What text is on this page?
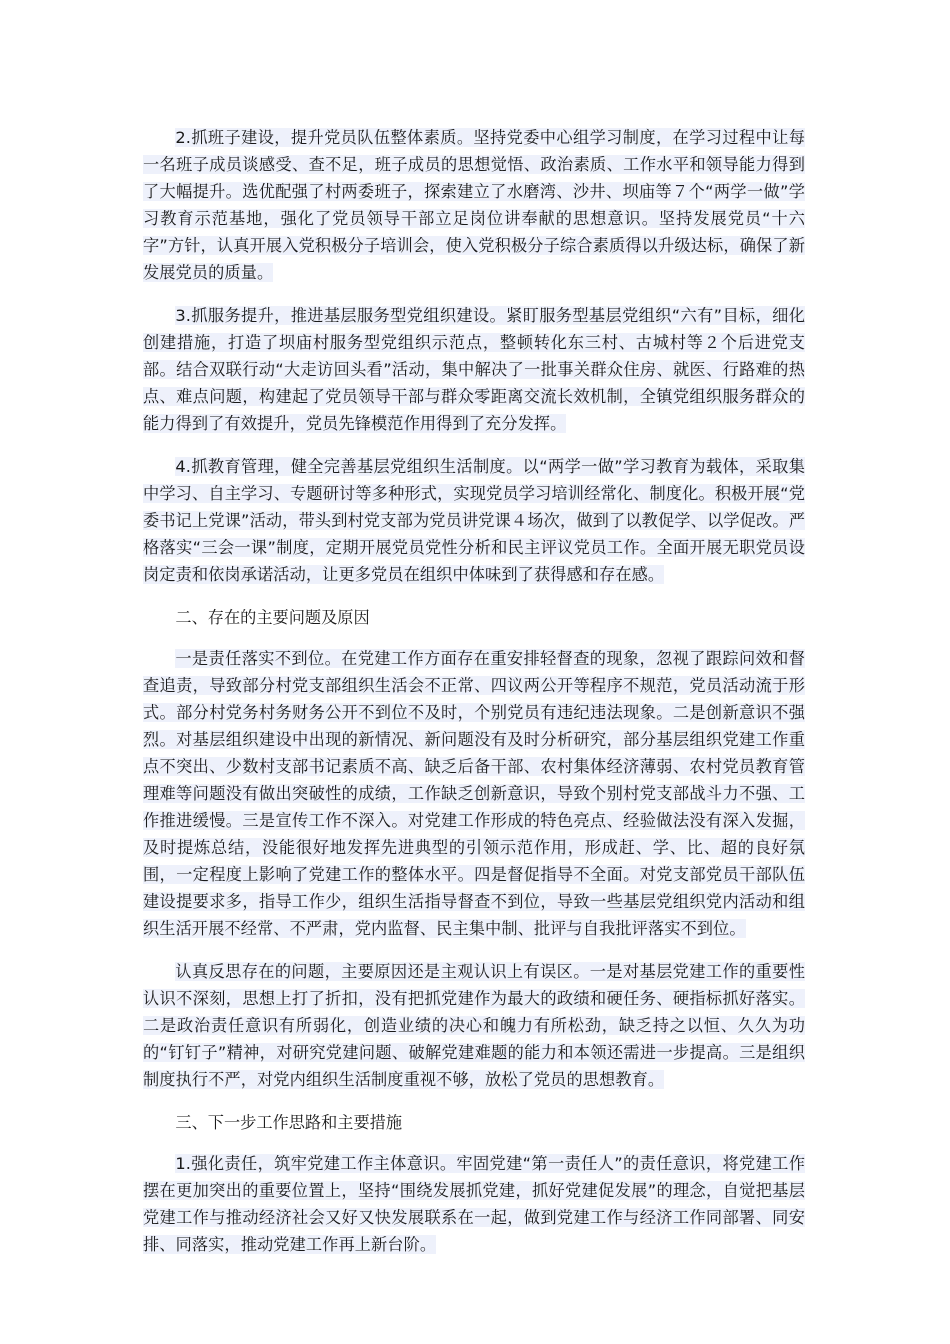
2.抓班子建设，提升党员队伍整体素质。坚持党委中心组学习制度，在学习过程中让每一名班子成员谈感受、查不足，班子成员的思想觉悟、政治素质、工作水平和领导能力得到了大幅提升。选优配强了村两委班子，探索建立了水磨湾、沙井、坝庙等７个“两学一做”学习教育示范基地，强化了党员领导干部立足岗位讲奉献的思想意识。坚持发展党员“十六字”方针，认真开展入党积极分子培训会，使入党积极分子综合素质得以升级达标，确保了新发展党员的质量。

3.抓服务提升，推进基层服务型党组织建设。紧盯服务型基层党组织“六有”目标，细化创建措施，打造了坝庙村服务型党组织示范点，整顿转化东三村、古城村等２个后进党支部。结合双联行动“大走访回头看”活动，集中解决了一批事关群众住房、就医、行路难的热点、难点问题，构建起了党员领导干部与群众零距离交流长效机制，全镇党组织服务群众的能力得到了有效提升，党员先锋模范作用得到了充分发挥。

4.抓教育管理，健全完善基层党组织生活制度。以“两学一做”学习教育为载体，采取集中学习、自主学习、专题研讨等多种形式，实现党员学习培训经常化、制度化。积极开展“党委书记上党课”活动，带头到村党支部为党员讲党课４场次，做到了以教促学、以学促改。严格落实“三会一课”制度，定期开展党员党性分析和民主评议党员工作。全面开展无职党员设岗定责和依岗承诺活动，让更多党员在组织中体味到了获得感和存在感。

二、存在的主要问题及原因

一是责任落实不到位。在党建工作方面存在重安排轻督查的现象，忽视了跟踪问效和督查追责，导致部分村党支部组织生活会不正常、四议两公开等程序不规范，党员活动流于形式。部分村党务村务财务公开不到位不及时，个别党员有违纪违法现象。二是创新意识不强烈。对基层组织建设中出现的新情况、新问题没有及时分析研究，部分基层组织党建工作重点不突出、少数村支部书记素质不高、缺乏后备干部、农村集体经济薄弱、农村党员教育管理难等问题没有做出突破性的成绩，工作缺乏创新意识，导致个别村党支部战斗力不强、工作推进缓慢。三是宣传工作不深入。对党建工作形成的特色亮点、经验做法没有深入发掘，及时提炼总结，没能很好地发挥先进典型的引领示范作用，形成赶、学、比、超的良好氛围，一定程度上影响了党建工作的整体水平。四是督促指导不全面。对党支部党员干部队伍建设提要求多，指导工作少，组织生活指导督查不到位，导致一些基层党组织党内活动和组织生活开展不经常、不严肃，党内监督、民主集中制、批评与自我批评落实不到位。

认真反思存在的问题，主要原因还是主观认识上有误区。一是对基层党建工作的重要性认识不深刻，思想上打了折扣，没有把抓党建作为最大的政绩和硬任务、硬指标抓好落实。二是政治责任意识有所弱化，创造业绩的决心和魄力有所松劲，缺乏持之以恒、久久为功的“钉钉子”精神，对研究党建问题、破解党建难题的能力和本领还需进一步提高。三是组织制度执行不严，对党内组织生活制度重视不够，放松了党员的思想教育。

三、下一步工作思路和主要措施

1.强化责任，筑牢党建工作主体意识。牢固党建“第一责任人”的责任意识，将党建工作摆在更加突出的重要位置上，坚持“围绕发展抓党建，抓好党建促发展”的理念，自觉把基层党建工作与推动经济社会又好又快发展联系在一起，做到党建工作与经济工作同部署、同安排、同落实，推动党建工作再上新台阶。
